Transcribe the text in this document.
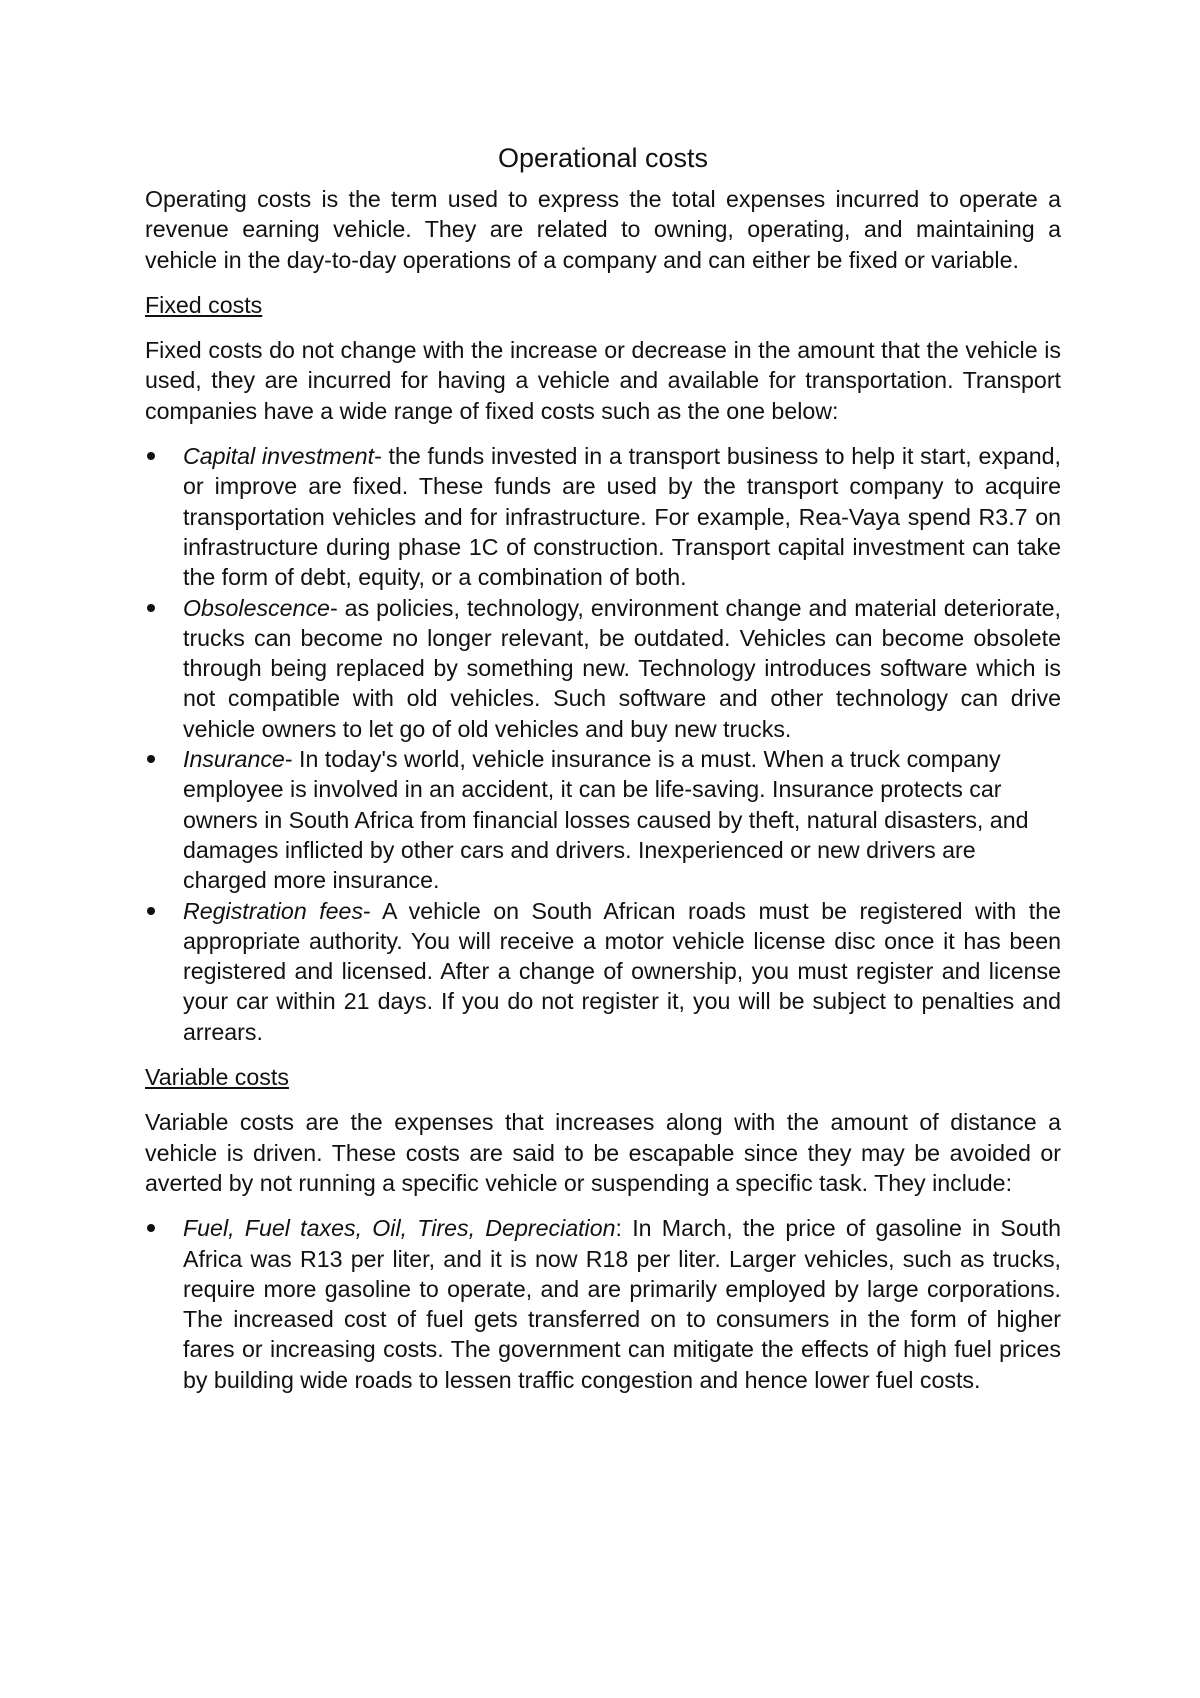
Operational costs

Operating costs is the term used to express the total expenses incurred to operate a revenue earning vehicle. They are related to owning, operating, and maintaining a vehicle in the day-to-day operations of a company and can either be fixed or variable.

Fixed costs

Fixed costs do not change with the increase or decrease in the amount that the vehicle is used, they are incurred for having a vehicle and available for transportation. Transport companies have a wide range of fixed costs such as the one below:

Capital investment- the funds invested in a transport business to help it start, expand, or improve are fixed. These funds are used by the transport company to acquire transportation vehicles and for infrastructure. For example, Rea-Vaya spend R3.7 on infrastructure during phase 1C of construction. Transport capital investment can take the form of debt, equity, or a combination of both.
Obsolescence- as policies, technology, environment change and material deteriorate, trucks can become no longer relevant, be outdated. Vehicles can become obsolete through being replaced by something new. Technology introduces software which is not compatible with old vehicles. Such software and other technology can drive vehicle owners to let go of old vehicles and buy new trucks.
Insurance- In today's world, vehicle insurance is a must. When a truck company employee is involved in an accident, it can be life-saving. Insurance protects car owners in South Africa from financial losses caused by theft, natural disasters, and damages inflicted by other cars and drivers. Inexperienced or new drivers are charged more insurance.
Registration fees- A vehicle on South African roads must be registered with the appropriate authority. You will receive a motor vehicle license disc once it has been registered and licensed. After a change of ownership, you must register and license your car within 21 days. If you do not register it, you will be subject to penalties and arrears.
Variable costs

Variable costs are the expenses that increases along with the amount of distance a vehicle is driven. These costs are said to be escapable since they may be avoided or averted by not running a specific vehicle or suspending a specific task. They include:

Fuel, Fuel taxes, Oil, Tires, Depreciation: In March, the price of gasoline in South Africa was R13 per liter, and it is now R18 per liter. Larger vehicles, such as trucks, require more gasoline to operate, and are primarily employed by large corporations. The increased cost of fuel gets transferred on to consumers in the form of higher fares or increasing costs. The government can mitigate the effects of high fuel prices by building wide roads to lessen traffic congestion and hence lower fuel costs.
